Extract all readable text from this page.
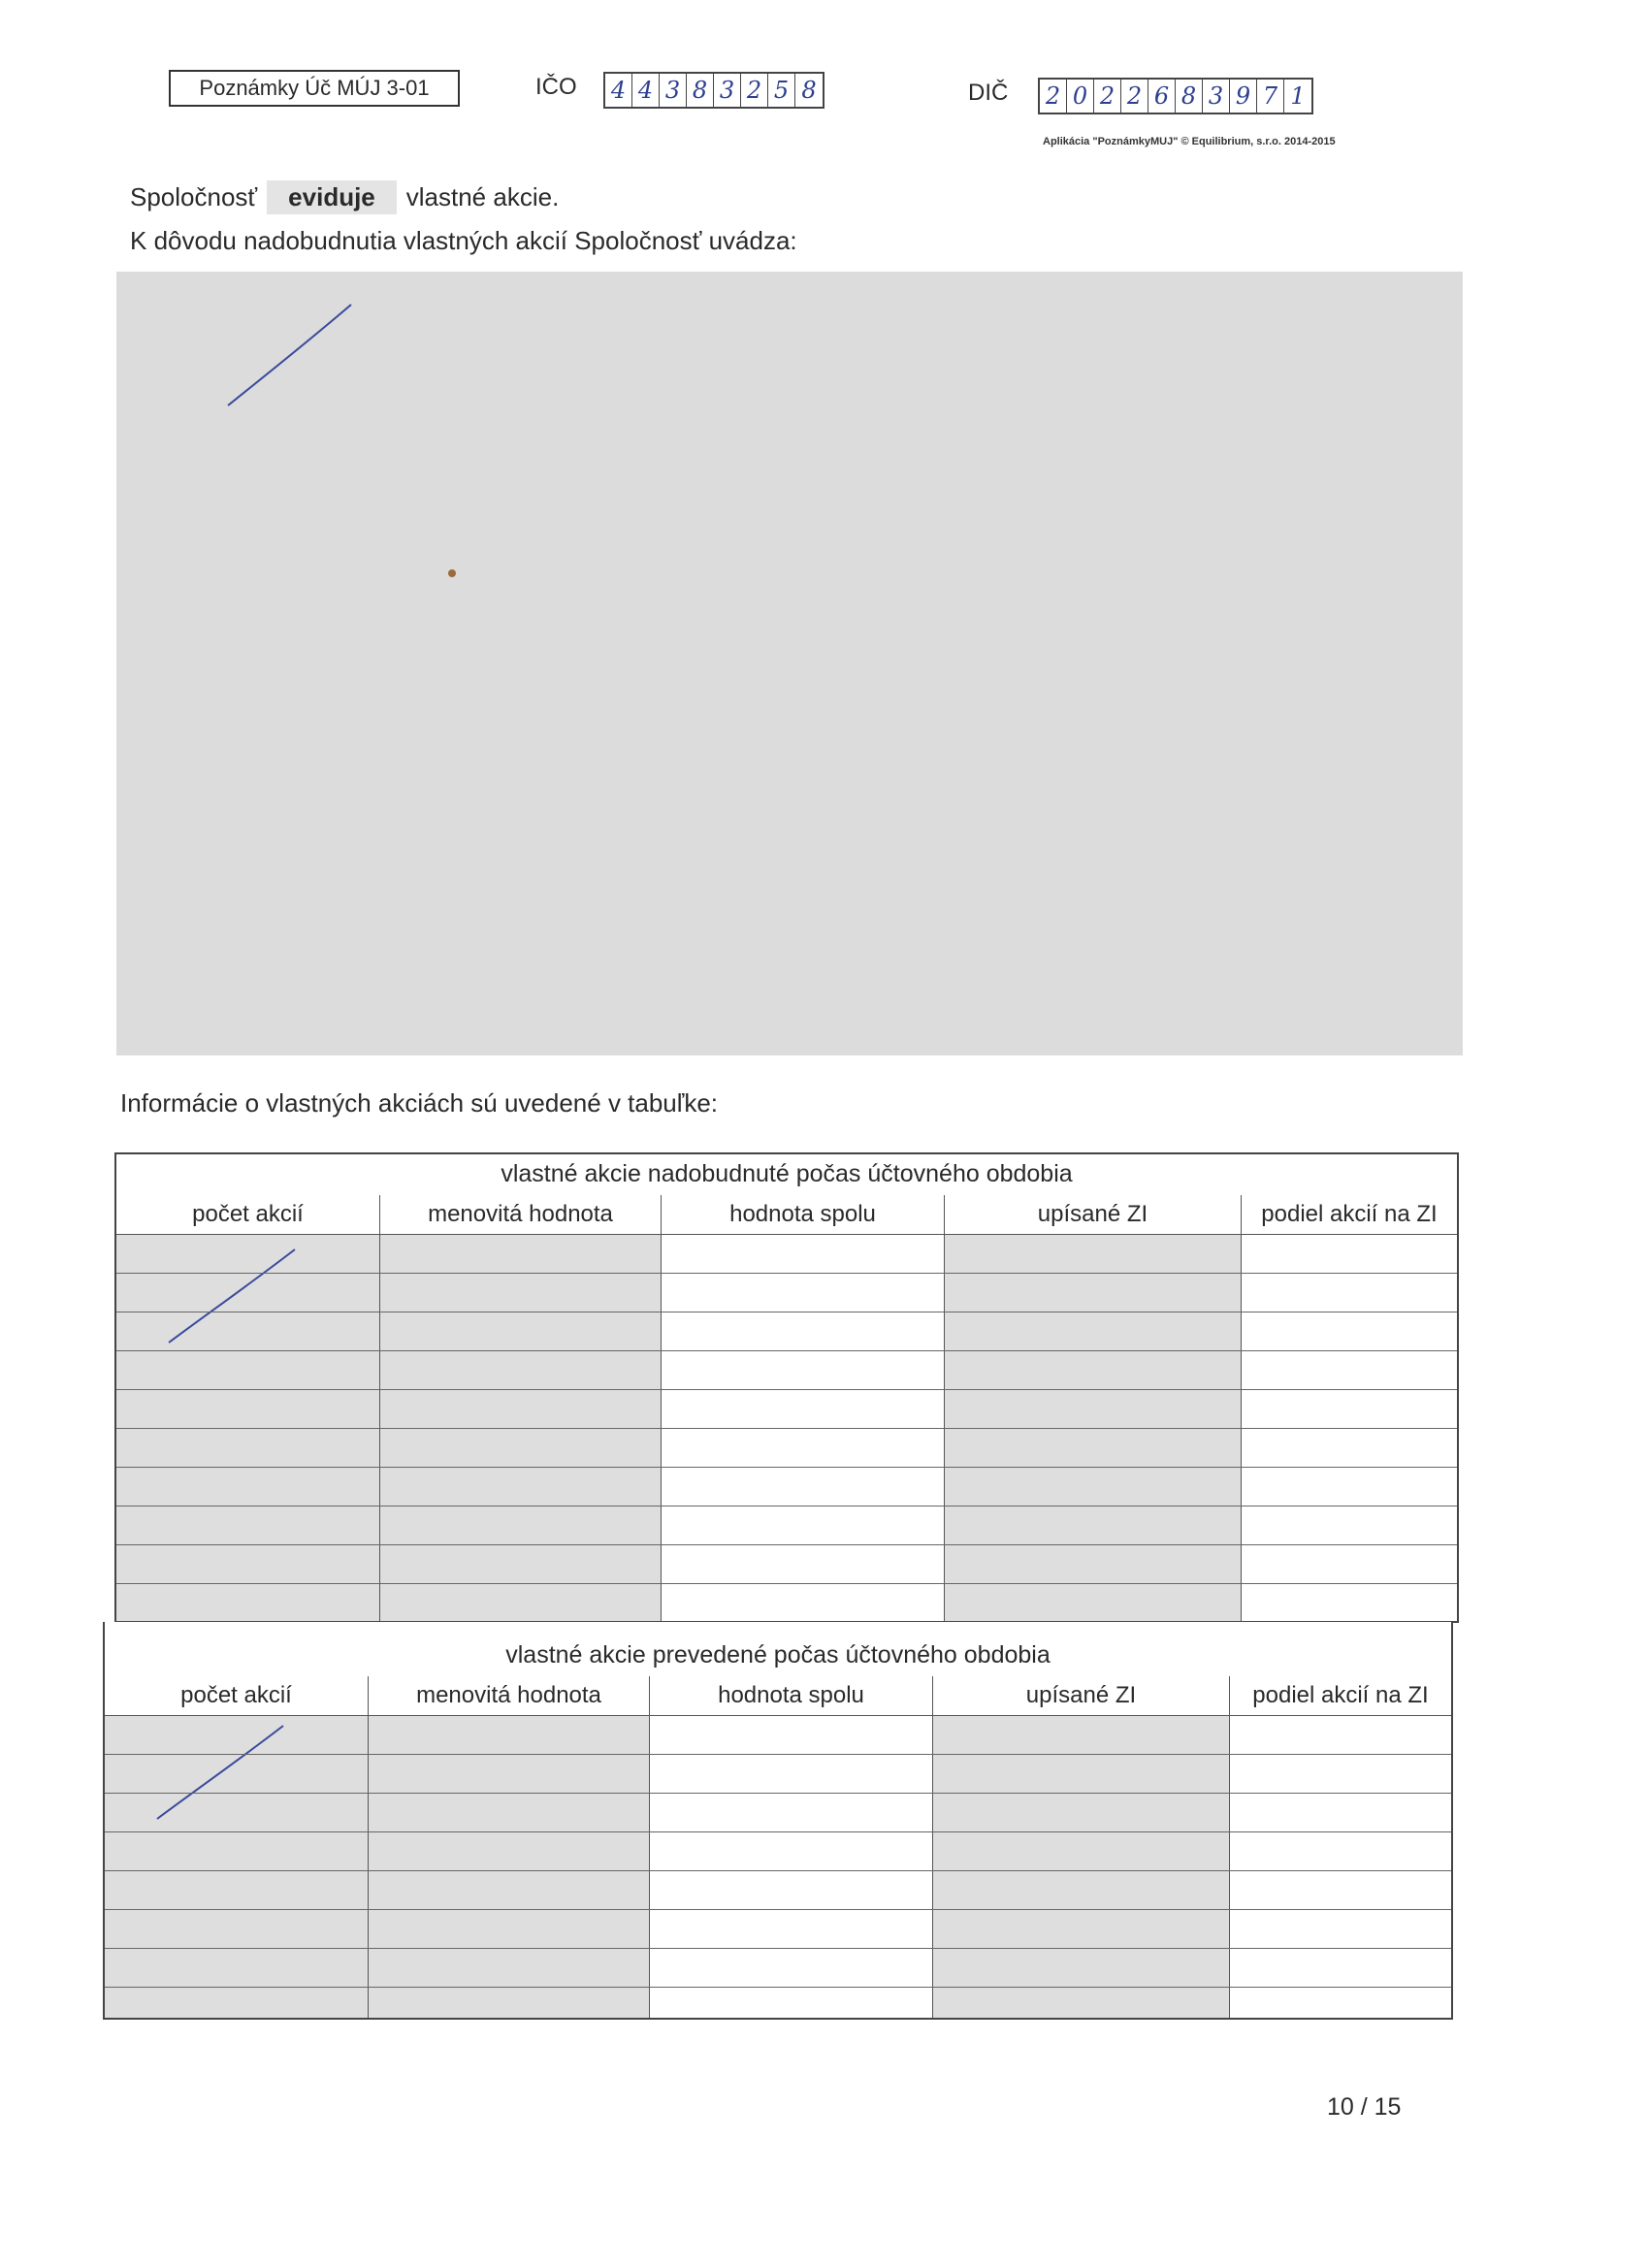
Poznámky Úč MÚJ 3-01	IČO 4 4 3 8 3 2 5 8	DIČ 2 0 2 2 6 8 3 9 7 1
Aplikácia "PoznámkyMUJ" © Equilibrium, s.r.o. 2014-2015
Spoločnosť	eviduje	vlastné akcie.
K dôvodu nadobudnutia vlastných akcií Spoločnosť uvádza:
Informácie o vlastných akciách sú uvedené v tabuľke:
vlastné akcie nadobudnuté počas účtovného obdobia
počet akcií	menovitá hodnota	hodnota spolu	upísané ZI	podiel akcií na ZI
vlastné akcie prevedené počas účtovného obdobia
počet akcií	menovitá hodnota	hodnota spolu	upísané ZI	podiel akcií na ZI
10 / 15
